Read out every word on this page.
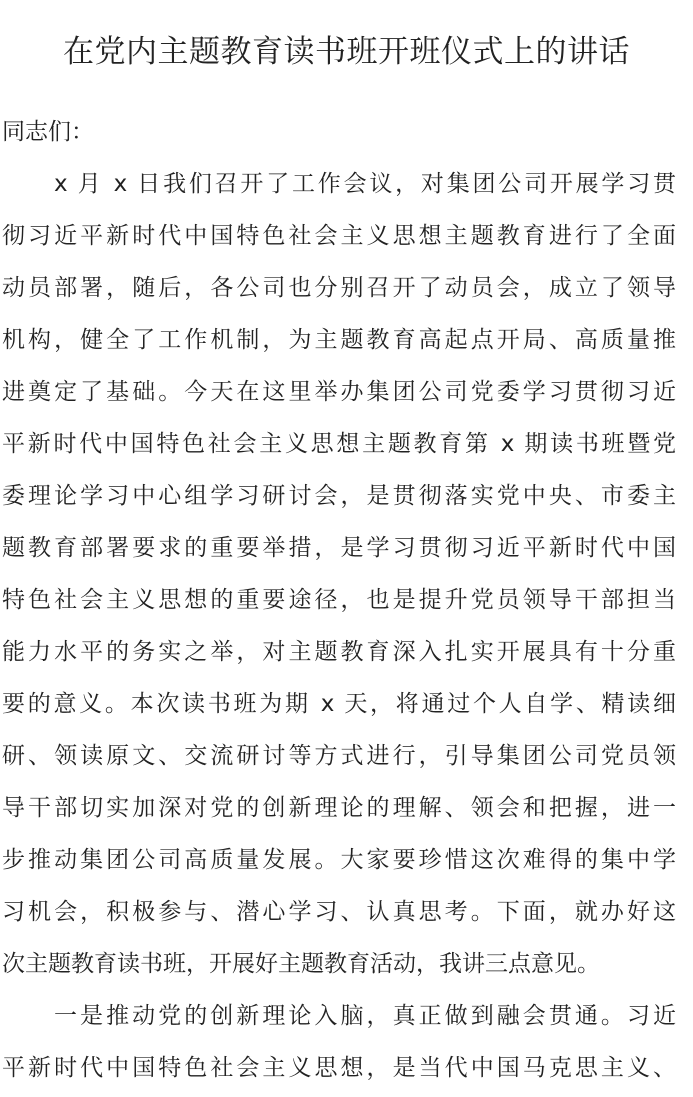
在党内主题教育读书班开班仪式上的讲话
同志们：
x 月 x 日我们召开了工作会议，对集团公司开展学习贯
彻习近平新时代中国特色社会主义思想主题教育进行了全面
动员部署，随后，各公司也分别召开了动员会，成立了领导
机构，健全了工作机制，为主题教育高起点开局、高质量推
进奠定了基础。今天在这里举办集团公司党委学习贯彻习近
平新时代中国特色社会主义思想主题教育第 x 期读书班暨党
委理论学习中心组学习研讨会，是贯彻落实党中央、市委主
题教育部署要求的重要举措，是学习贯彻习近平新时代中国
特色社会主义思想的重要途径，也是提升党员领导干部担当
能力水平的务实之举，对主题教育深入扎实开展具有十分重
要的意义。本次读书班为期 x 天，将通过个人自学、精读细
研、领读原文、交流研讨等方式进行，引导集团公司党员领
导干部切实加深对党的创新理论的理解、领会和把握，进一
步推动集团公司高质量发展。大家要珍惜这次难得的集中学
习机会，积极参与、潜心学习、认真思考。下面，就办好这
次主题教育读书班，开展好主题教育活动，我讲三点意见。
一是推动党的创新理论入脑，真正做到融会贯通。习近
平新时代中国特色社会主义思想，是当代中国马克思主义、
